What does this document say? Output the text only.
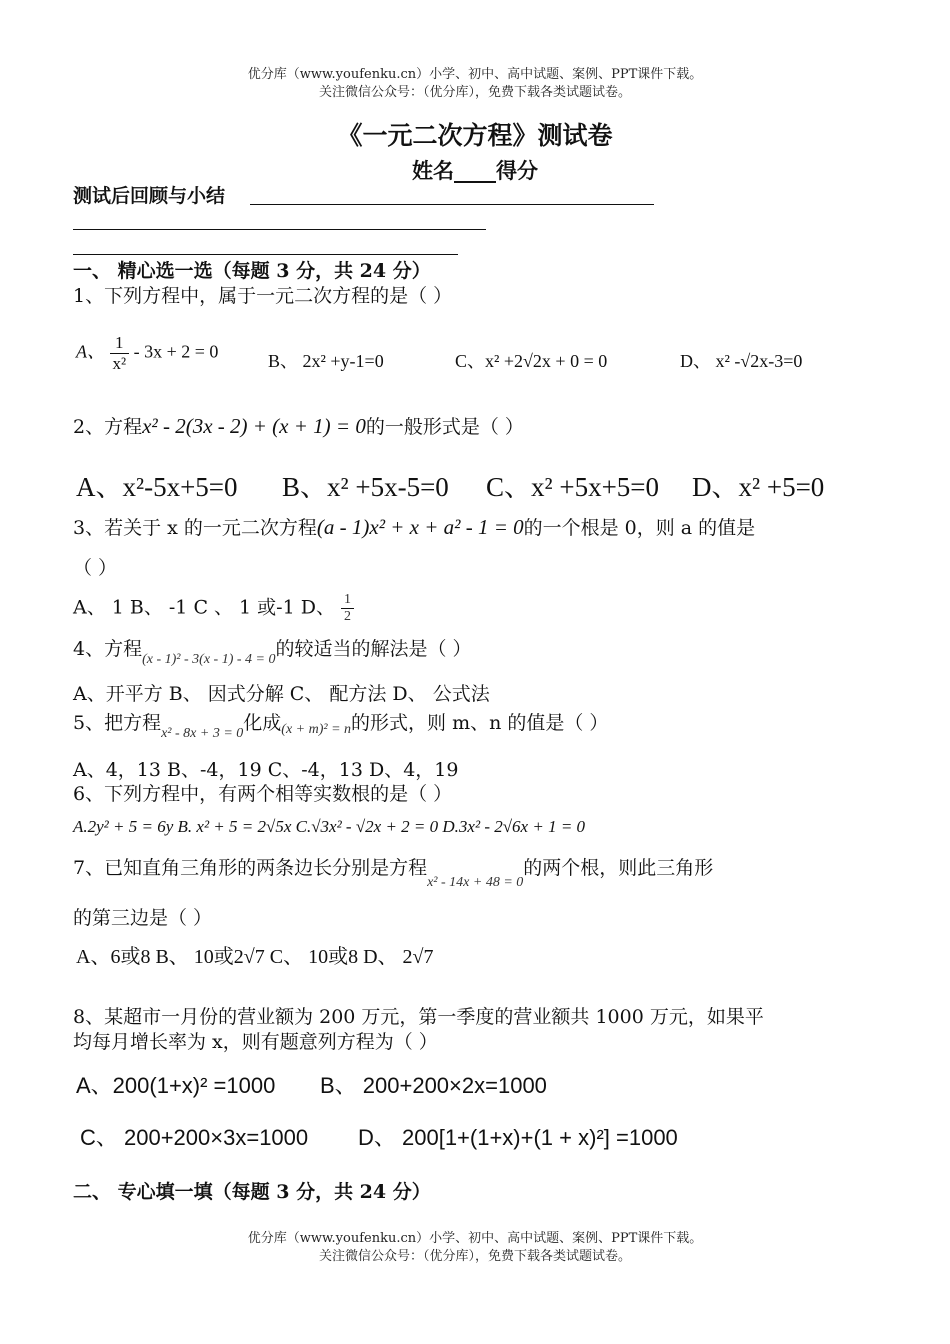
优分库（www.youfenku.cn）小学、初中、高中试题、案例、PPT课件下载。
关注微信公众号：（优分库），免费下载各类试题试卷。
《一元二次方程》测试卷
姓名____得分
测试后回顾与小结
一、 精心选一选（每题 3 分，共 24 分）
1、下列方程中，属于一元二次方程的是（ ）
A、 $\frac{1}{\text{x²}} - 3x + 2 = 0$	B、 2x² +y-1=0	C、x² +2√2x + 0 = 0	D、 x² -√2x-3=0
2、方程x² - 2(3x - 2) + (x + 1) = 0的一般形式是（ ）
A、x²-5x+5=0 B、x² +5x-5=0 C、x² +5x+5=0 D、x² +5=0
3、若关于 x 的一元二次方程(a - 1)x² + x + a² - 1 = 0的一个根是 0，则 a 的值是
（ ）
A、 1 B、 -1 C 、 1 或-1 D、 $\frac{1}{2}$
4、方程$_{(x - 1)^2 - 3(x - 1) - 4 = 0}$的较适当的解法是（ ）
A、开平方 B、 因式分解 C、 配方法 D、 公式法
5、把方程$_{x^2 - 8x + 3 = 0}$化成$_{(x + m)^2 = n}$的形式，则 m、n 的值是（ ）
A、4，13 B、-4，19 C、-4，13 D、4，19
6、下列方程中，有两个相等实数根的是（ ）
A.2y² + 5 = 6y B. x² + 5 = 2√5x C.√3x² - √2x + 2 = 0 D.3x² - 2√6x + 1 = 0
7、已知直角三角形的两条边长分别是方程$_{x^2 - 14x + 48 = 0}$的两个根，则此三角形
的第三边是（ ）
A、6或8 B、 10或2√7 C、 10或8 D、 2√7
8、某超市一月份的营业额为 200 万元，第一季度的营业额共 1000 万元，如果平
均每月增长率为 x，则有题意列方程为（ ）
A、200(1+x)² =1000 B、 200+200×2x=1000
C、 200+200×3x=1000 D、 200[1+(1+x)+(1 + x)²] =1000
二、 专心填一填（每题 3 分，共 24 分）
优分库（www.youfenku.cn）小学、初中、高中试题、案例、PPT课件下载。
关注微信公众号：（优分库），免费下载各类试题试卷。
